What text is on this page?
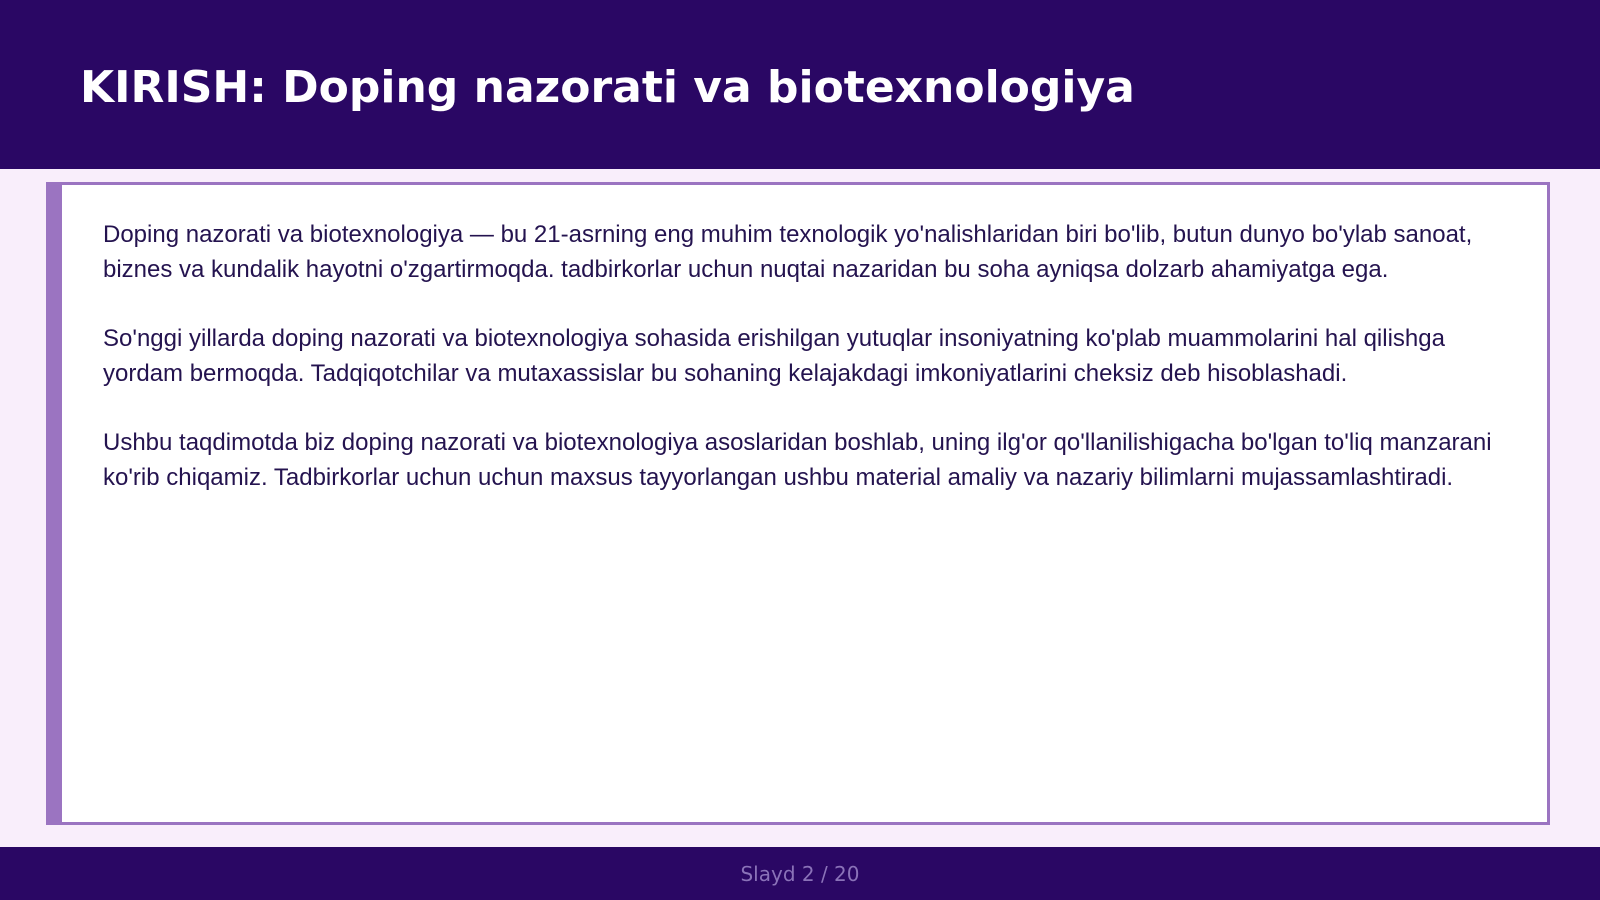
KIRISH: Doping nazorati va biotexnologiya

Doping nazorati va biotexnologiya — bu 21-asrning eng muhim texnologik yo'nalishlaridan biri bo'lib, butun dunyo bo'ylab sanoat, biznes va kundalik hayotni o'zgartirmoqda. tadbirkorlar uchun nuqtai nazaridan bu soha ayniqsa dolzarb ahamiyatga ega.

So'nggi yillarda doping nazorati va biotexnologiya sohasida erishilgan yutuqlar insoniyatning ko'plab muammolarini hal qilishga yordam bermoqda. Tadqiqotchilar va mutaxassislar bu sohaning kelajakdagi imkoniyatlarini cheksiz deb hisoblashadi.

Ushbu taqdimotda biz doping nazorati va biotexnologiya asoslaridan boshlab, uning ilg'or qo'llanilishigacha bo'lgan to'liq manzarani ko'rib chiqamiz. Tadbirkorlar uchun uchun maxsus tayyorlangan ushbu material amaliy va nazariy bilimlarni mujassamlashtiradi.

Slayd 2 / 20
